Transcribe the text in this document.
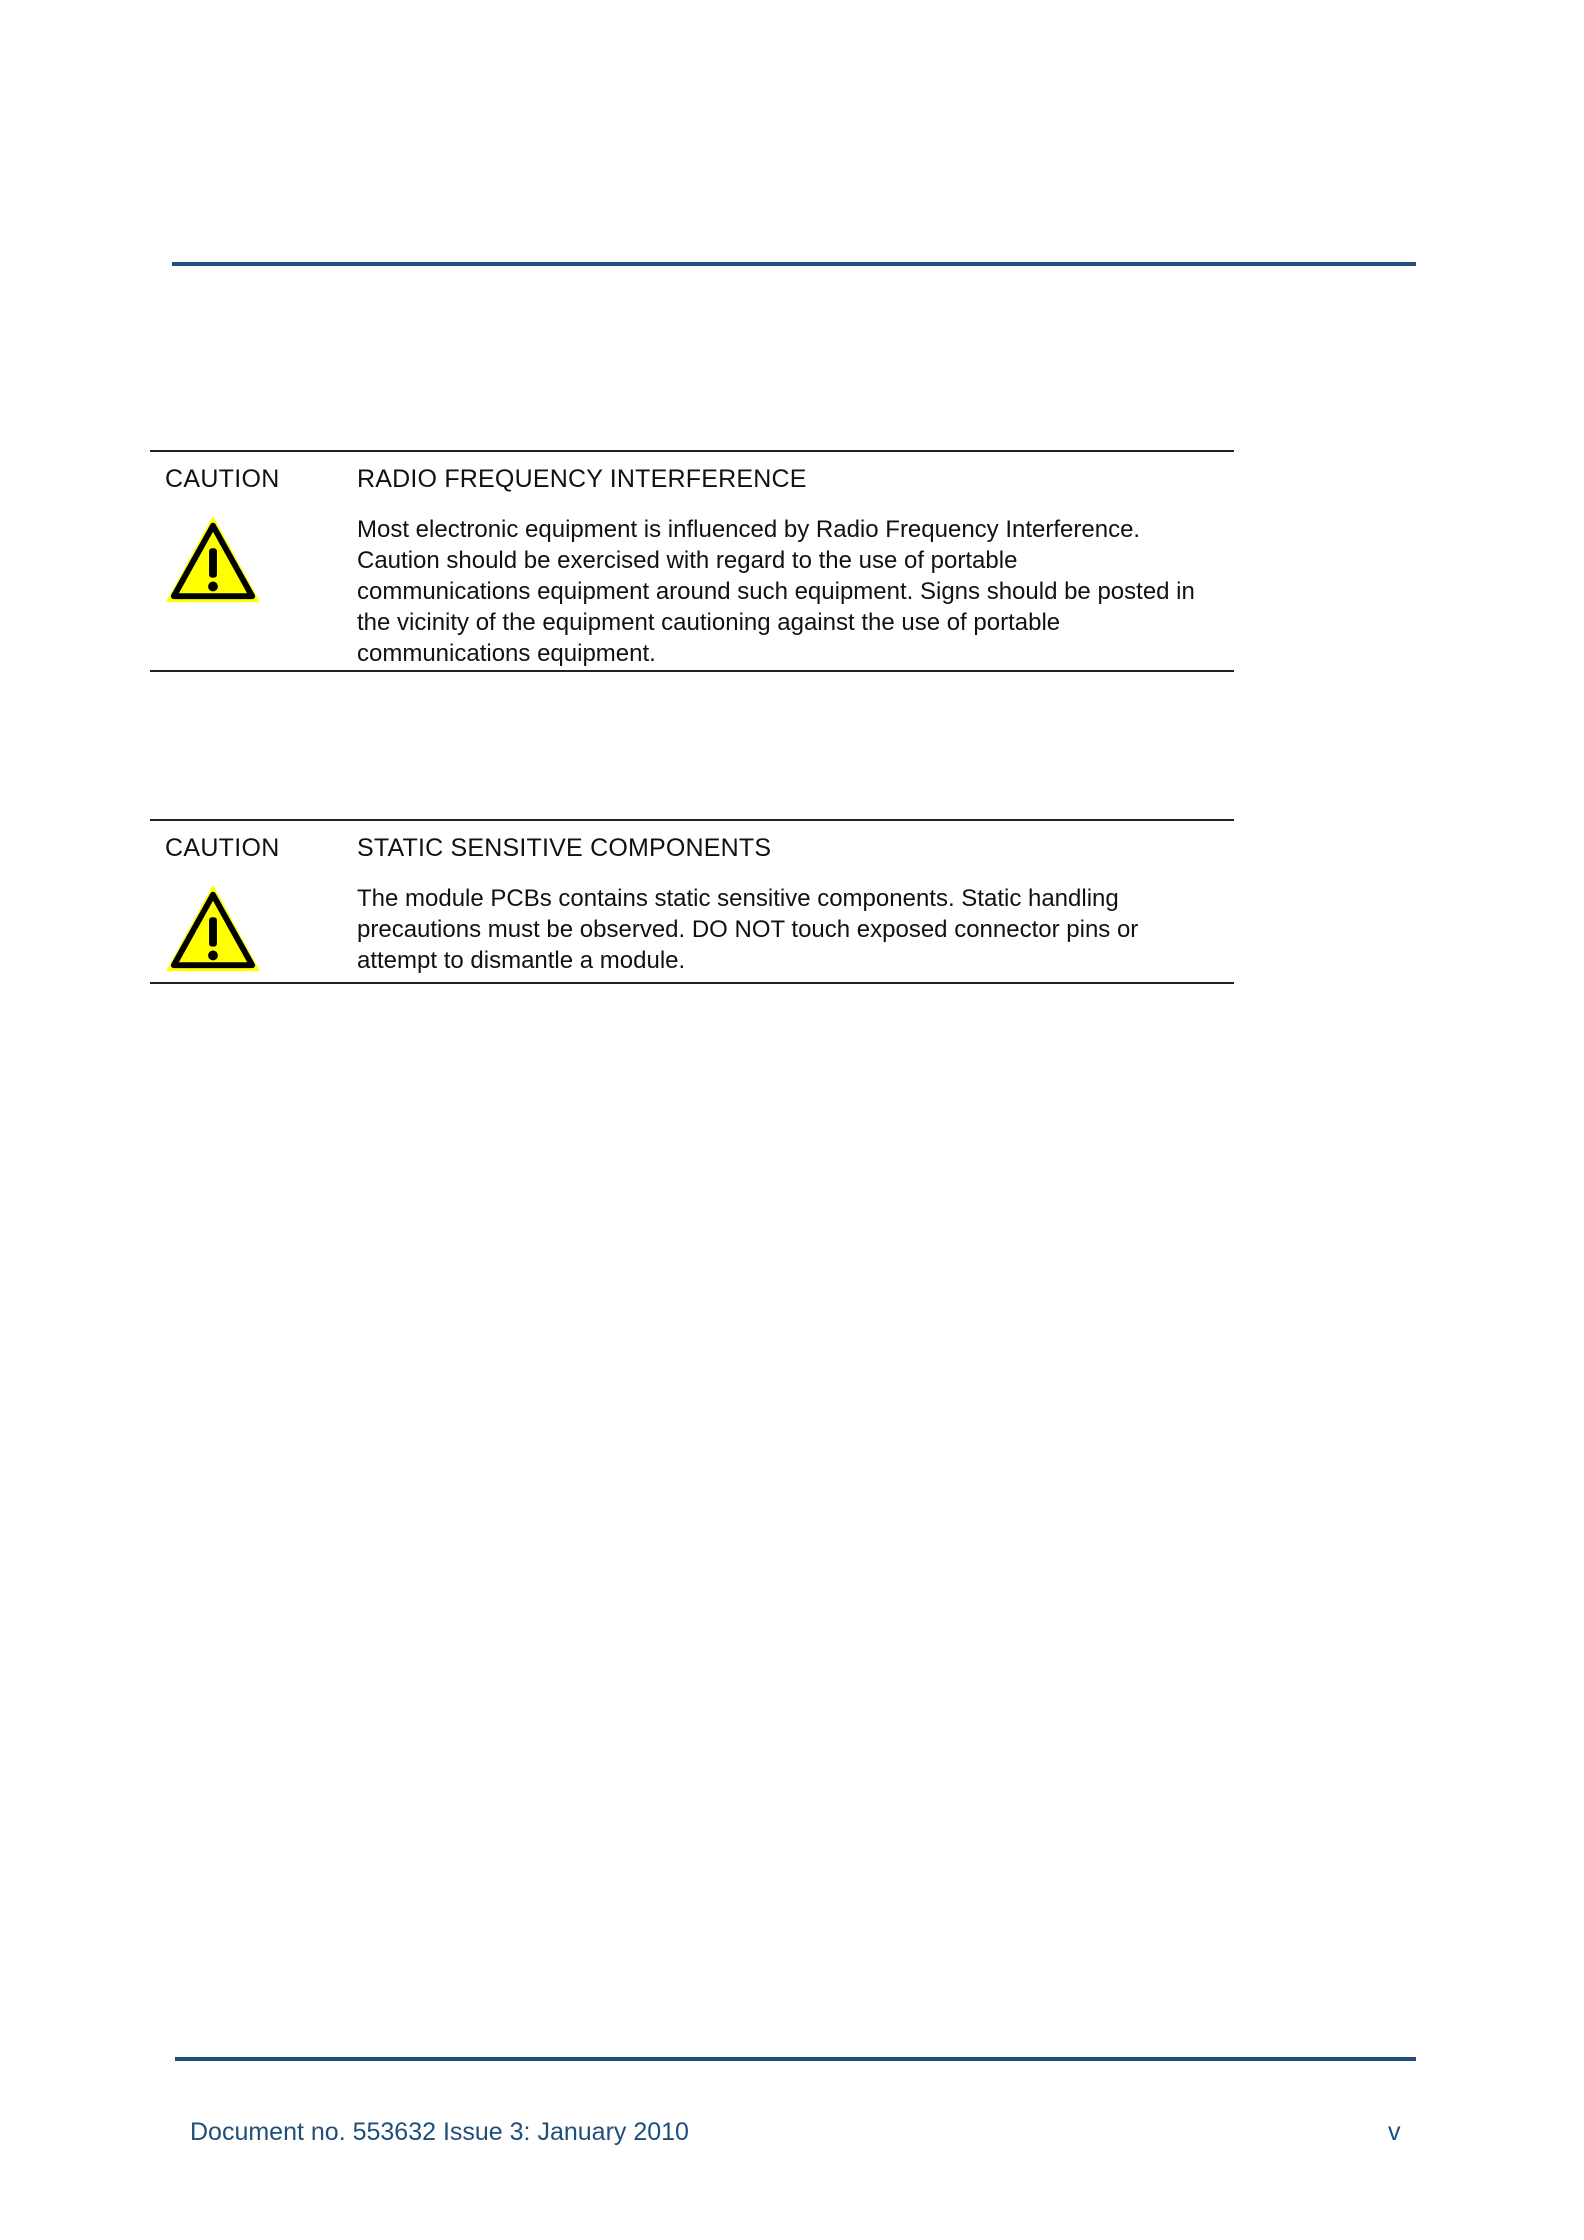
CAUTION	RADIO FREQUENCY INTERFERENCE
Most electronic equipment is influenced by Radio Frequency Interference.
Caution should be exercised with regard to the use of portable
communications equipment around such equipment. Signs should be posted in
the vicinity of the equipment cautioning against the use of portable
communications equipment.
CAUTION	STATIC SENSITIVE COMPONENTS
The module PCBs contains static sensitive components. Static handling
precautions must be observed. DO NOT touch exposed connector pins or
attempt to dismantle a module.
Document no. 553632 Issue 3: January 2010	v
